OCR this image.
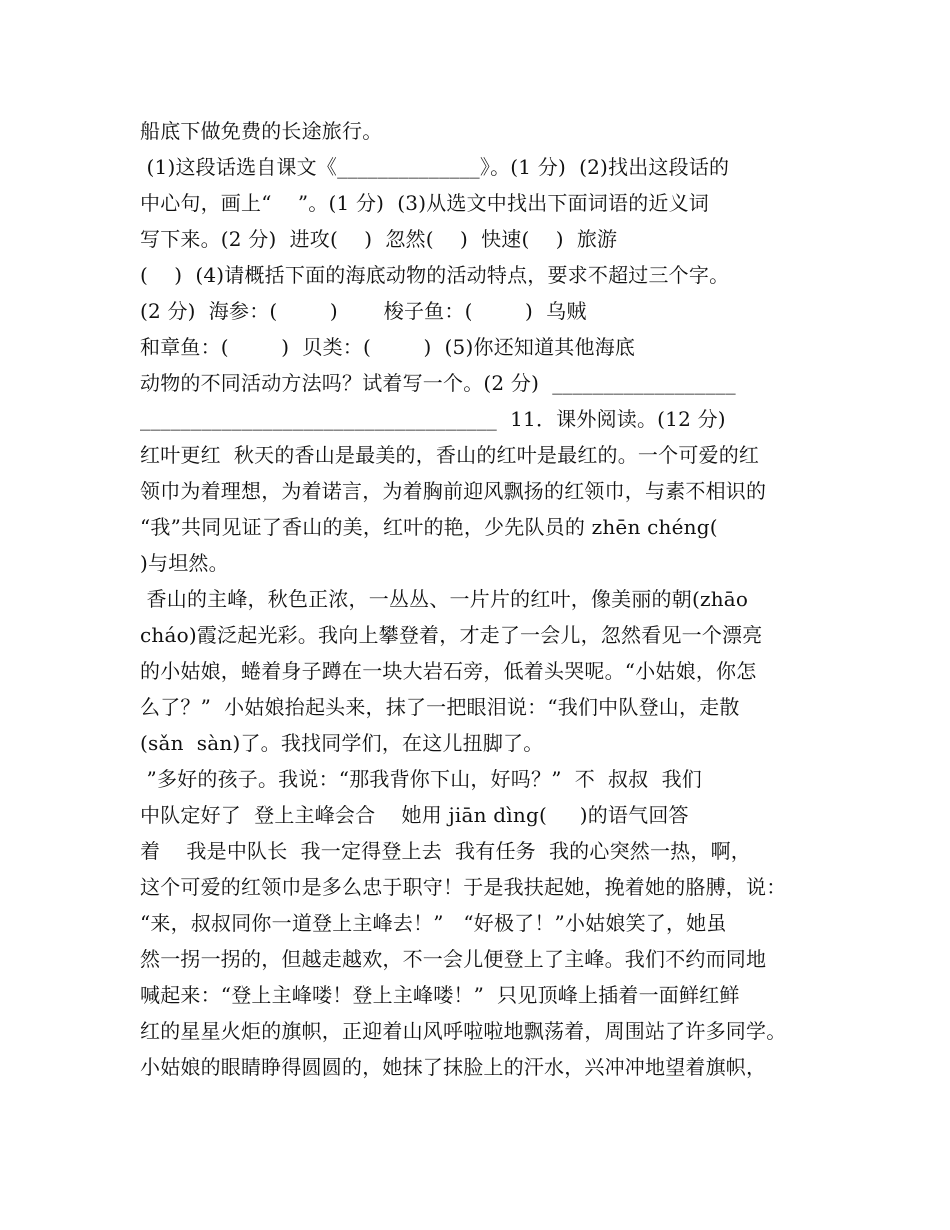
船底下做免费的长途旅行。
(1)这段话选自课文《______________》。(1 分)  (2)找出这段话的
中心句，画上“    ”。(1 分)  (3)从选文中找出下面词语的近义词
写下来。(2 分)  进攻(    )  忽然(    )  快速(    )  旅游
(    )  (4)请概括下面的海底动物的活动特点，要求不超过三个字。
(2 分)  海参：(        )       梭子鱼：(        )  乌贼
和章鱼：(        )  贝类：(        )  (5)你还知道其他海底
动物的不同活动方法吗？试着写一个。(2 分)  __________________
___________________________________  11．课外阅读。(12 分)
红叶更红  秋天的香山是最美的，香山的红叶是最红的。一个可爱的红
领巾为着理想，为着诺言，为着胸前迎风飘扬的红领巾，与素不相识的
“我”共同见证了香山的美，红叶的艳，少先队员的 zhēn chéng(
)与坦然。
香山的主峰，秋色正浓，一丛丛、一片片的红叶，像美丽的朝(zhāo
cháo)霞泛起光彩。我向上攀登着，才走了一会儿，忽然看见一个漂亮
的小姑娘，蜷着身子蹲在一块大岩石旁，低着头哭呢。“小姑娘，你怎
么了？”  小姑娘抬起头来，抹了一把眼泪说：“我们中队登山，走散
(sǎn  sàn)了。我找同学们，在这儿扭脚了。
”多好的孩子。我说：“那我背你下山，好吗？”  不  叔叔  我们
中队定好了  登上主峰会合    她用 jiān dìng(     )的语气回答
着    我是中队长  我一定得登上去  我有任务  我的心突然一热，啊，
这个可爱的红领巾是多么忠于职守！于是我扶起她，挽着她的胳膊，说：
“来，叔叔同你一道登上主峰去！”   “好极了！”小姑娘笑了，她虽
然一拐一拐的，但越走越欢，不一会儿便登上了主峰。我们不约而同地
喊起来：“登上主峰喽！登上主峰喽！”  只见顶峰上插着一面鲜红鲜
红的星星火炬的旗帜，正迎着山风呼啦啦地飘荡着，周围站了许多同学。
小姑娘的眼睛睁得圆圆的，她抹了抹脸上的汗水，兴冲冲地望着旗帜，
